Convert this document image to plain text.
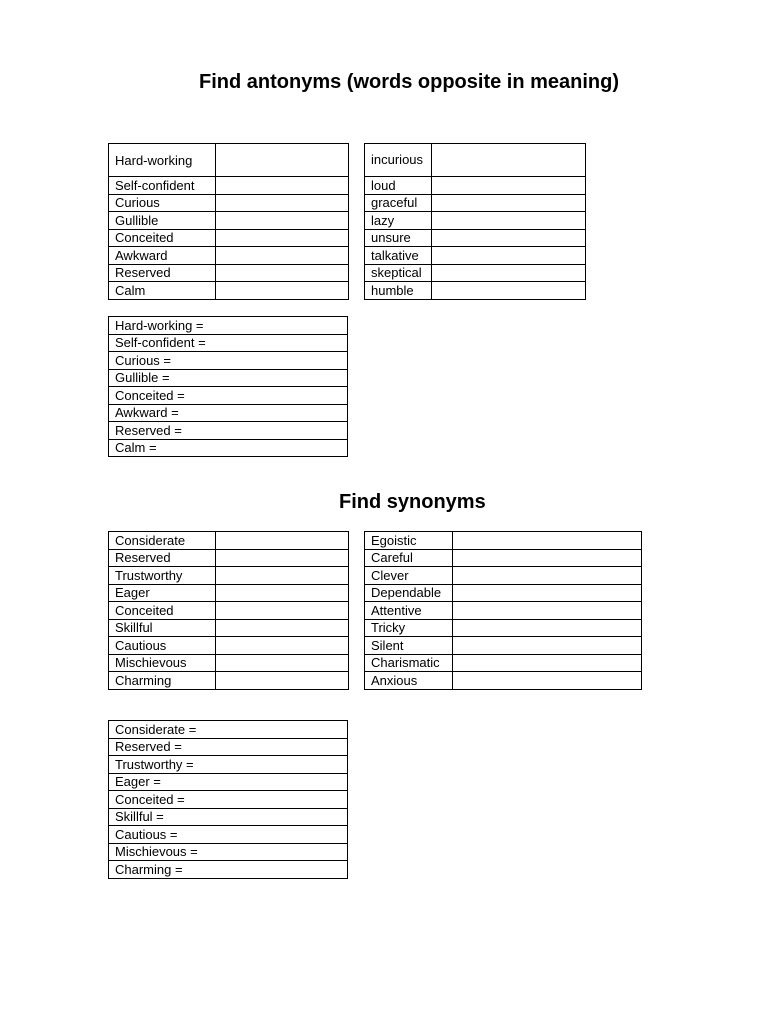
Find antonyms (words opposite in meaning)
Hard-working	
Self-confident	
Curious	
Gullible	
Conceited	
Awkward	
Reserved	
Calm	
incurious	
loud	
graceful	
lazy	
unsure	
talkative	
skeptical	
humble	
Hard-working =
Self-confident =
Curious =
Gullible =
Conceited =
Awkward =
Reserved =
Calm =
Find synonyms
Considerate	
Reserved	
Trustworthy	
Eager	
Conceited	
Skillful	
Cautious	
Mischievous	
Charming	
Egoistic	
Careful	
Clever	
Dependable	
Attentive	
Tricky	
Silent	
Charismatic	
Anxious	
Considerate =
Reserved =
Trustworthy =
Eager =
Conceited =
Skillful =
Cautious =
Mischievous =
Charming =
